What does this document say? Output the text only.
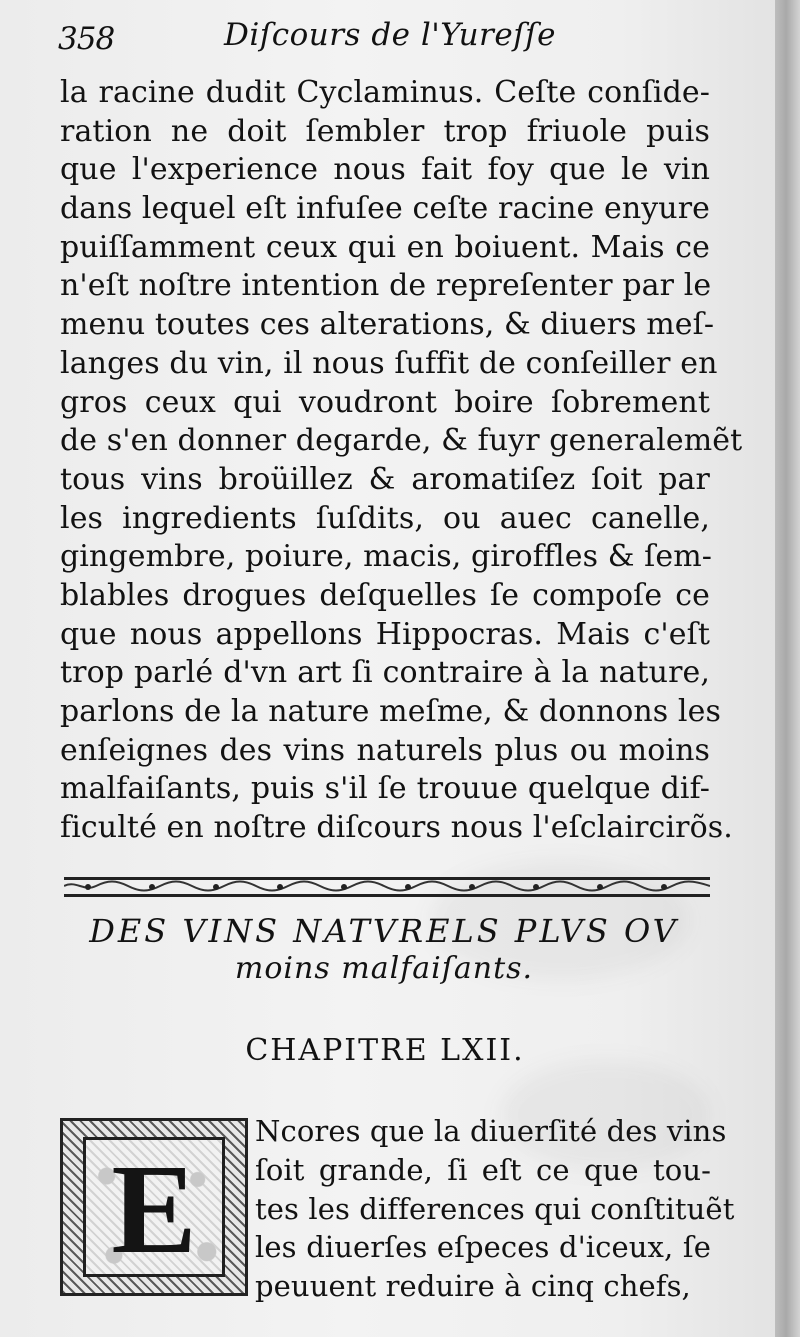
358	Diſcours de l'Yureſſe
la racine dudit Cyclaminus. Ceſte conſide-
ration ne doit ſembler trop friuole puis
que l'experience nous fait foy que le vin
dans lequel eſt infuſee ceſte racine enyure
puiſſamment ceux qui en boiuent. Mais ce
n'eſt noſtre intention de repreſenter par le
menu toutes ces alterations, & diuers meſ-
langes du vin, il nous ſuffit de conſeiller en
gros ceux qui voudront boire ſobrement
de s'en donner degarde, & fuyr generalemẽt
tous vins broüillez & aromatiſez ſoit par
les ingredients ſuſdits, ou auec canelle,
gingembre, poiure, macis, giroffles & ſem-
blables drogues deſquelles ſe compoſe ce
que nous appellons Hippocras. Mais c'eſt
trop parlé d'vn art ſi contraire à la nature,
parlons de la nature meſme, & donnons les
enſeignes des vins naturels plus ou moins
malfaiſants, puis s'il ſe trouue quelque dif-
ficulté en noſtre diſcours nous l'eſclaircirõs.
DES VINS NATVRELS PLVS OV
moins malfaiſants.
CHAPITRE LXII.
E
Ncores que la diuerſité des vins
ſoit grande, ſi eſt ce que tou-
tes les differences qui conſtituẽt
les diuerſes eſpeces d'iceux, ſe
peuuent reduire à cinq chefs,
